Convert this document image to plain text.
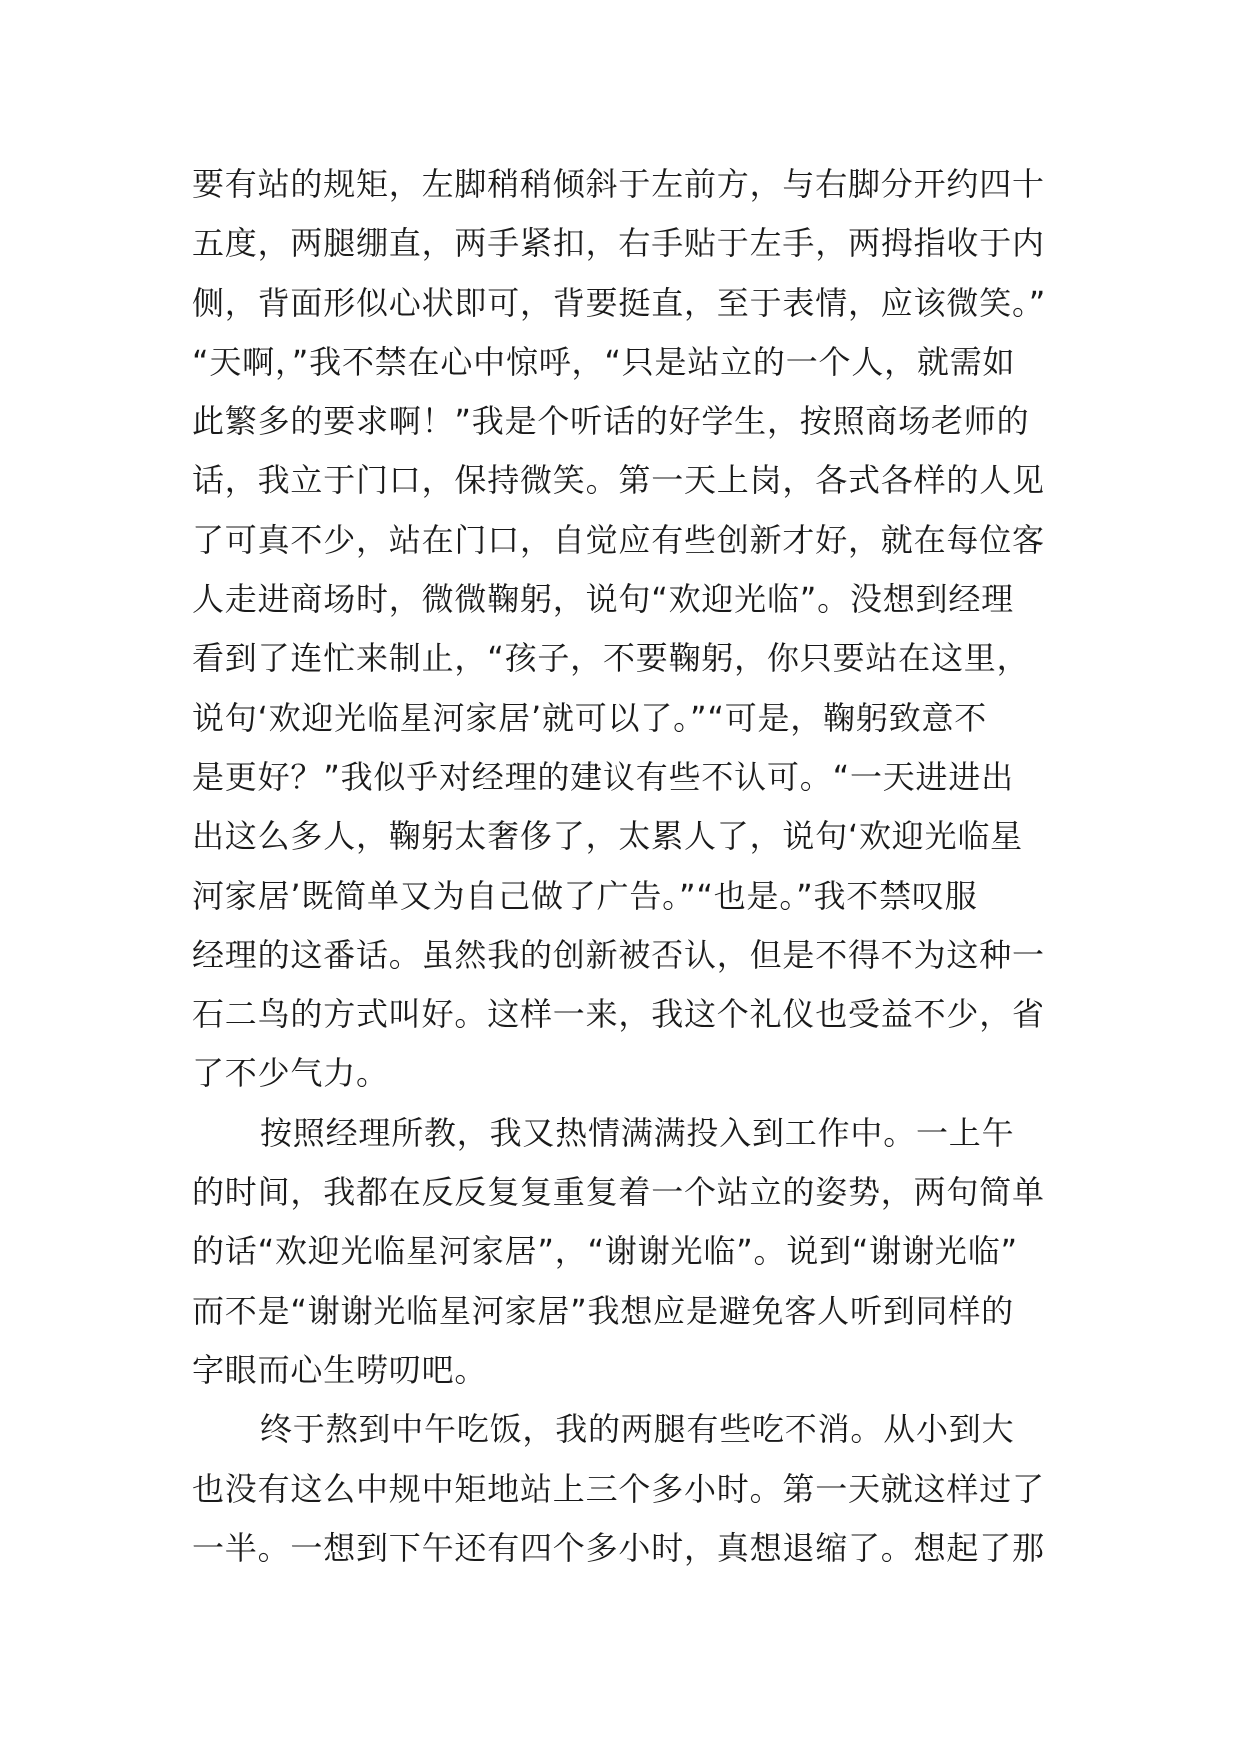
要有站的规矩，左脚稍稍倾斜于左前方，与右脚分开约四十
五度，两腿绷直，两手紧扣，右手贴于左手，两拇指收于内
侧，背面形似心状即可，背要挺直，至于表情，应该微笑。”
“天啊，”我不禁在心中惊呼，“只是站立的一个人，就需如
此繁多的要求啊！”我是个听话的好学生，按照商场老师的
话，我立于门口，保持微笑。第一天上岗，各式各样的人见
了可真不少，站在门口，自觉应有些创新才好，就在每位客
人走进商场时，微微鞠躬，说句“欢迎光临”。没想到经理
看到了连忙来制止，“孩子，不要鞠躬，你只要站在这里，
说句‘欢迎光临星河家居’就可以了。”“可是，鞠躬致意不
是更好？”我似乎对经理的建议有些不认可。“一天进进出
出这么多人，鞠躬太奢侈了，太累人了，说句‘欢迎光临星
河家居’既简单又为自己做了广告。”“也是。”我不禁叹服
经理的这番话。虽然我的创新被否认，但是不得不为这种一
石二鸟的方式叫好。这样一来，我这个礼仪也受益不少，省
了不少气力。
按照经理所教，我又热情满满投入到工作中。一上午
的时间，我都在反反复复重复着一个站立的姿势，两句简单
的话“欢迎光临星河家居”，“谢谢光临”。说到“谢谢光临”
而不是“谢谢光临星河家居”我想应是避免客人听到同样的
字眼而心生唠叨吧。
终于熬到中午吃饭，我的两腿有些吃不消。从小到大
也没有这么中规中矩地站上三个多小时。第一天就这样过了
一半。一想到下午还有四个多小时，真想退缩了。想起了那
